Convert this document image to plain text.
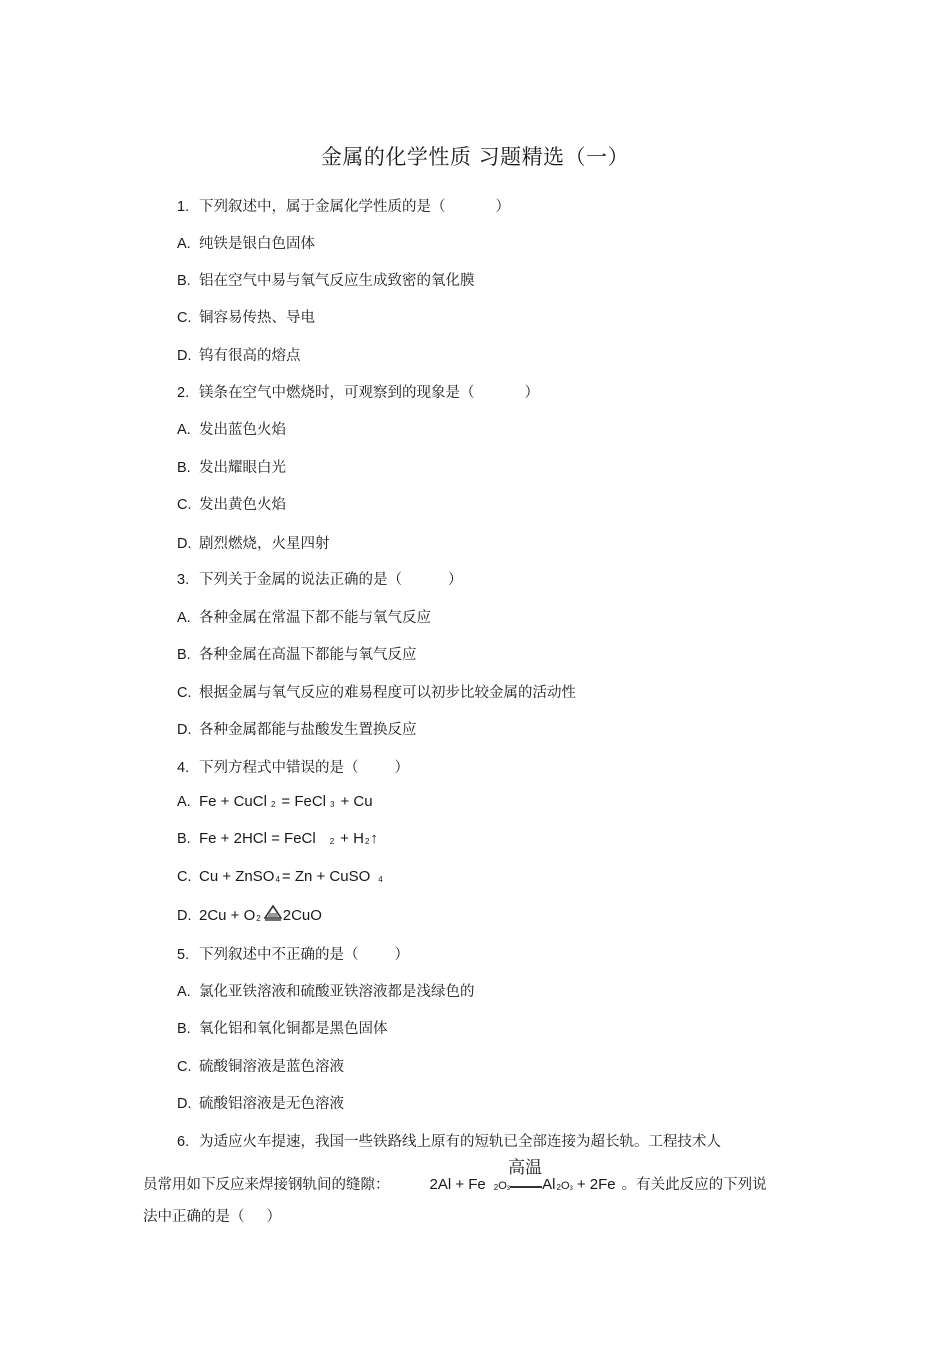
金属的化学性质 习题精选（一）
1. 下列叙述中，属于金属化学性质的是（	）
A. 纯铁是银白色固体
B. 铝在空气中易与氧气反应生成致密的氧化膜
C. 铜容易传热、导电
D. 钨有很高的熔点
2. 镁条在空气中燃烧时，可观察到的现象是（	）
A. 发出蓝色火焰
B. 发出耀眼白光
C. 发出黄色火焰
D. 剧烈燃烧，火星四射
3. 下列关于金属的说法正确的是（	）
A. 各种金属在常温下都不能与氧气反应
B. 各种金属在高温下都能与氧气反应
C. 根据金属与氧气反应的难易程度可以初步比较金属的活动性
D. 各种金属都能与盐酸发生置换反应
4. 下列方程式中错误的是（ ）
A. Fe + CuCl 2 = FeCl 3 + Cu
B. Fe + 2HCl = FeCl 2 + H2↑
C. Cu + ZnSO4 = Zn + CuSO 4
D. 2Cu + O2 2CuO
5. 下列叙述中不正确的是（ ）
A. 氯化亚铁溶液和硫酸亚铁溶液都是浅绿色的
B. 氧化铝和氧化铜都是黑色固体
C. 硫酸铜溶液是蓝色溶液
D. 硫酸铝溶液是无色溶液
6. 为适应火车提速，我国一些铁路线上原有的短轨已全部连接为超长轨。工程技术人
员常用如下反应来焊接钢轨间的缝隙：	2Al + Fe 2O3
高温
Al2O3 + 2Fe 。有关此反应的下列说
法中正确的是（ ）
